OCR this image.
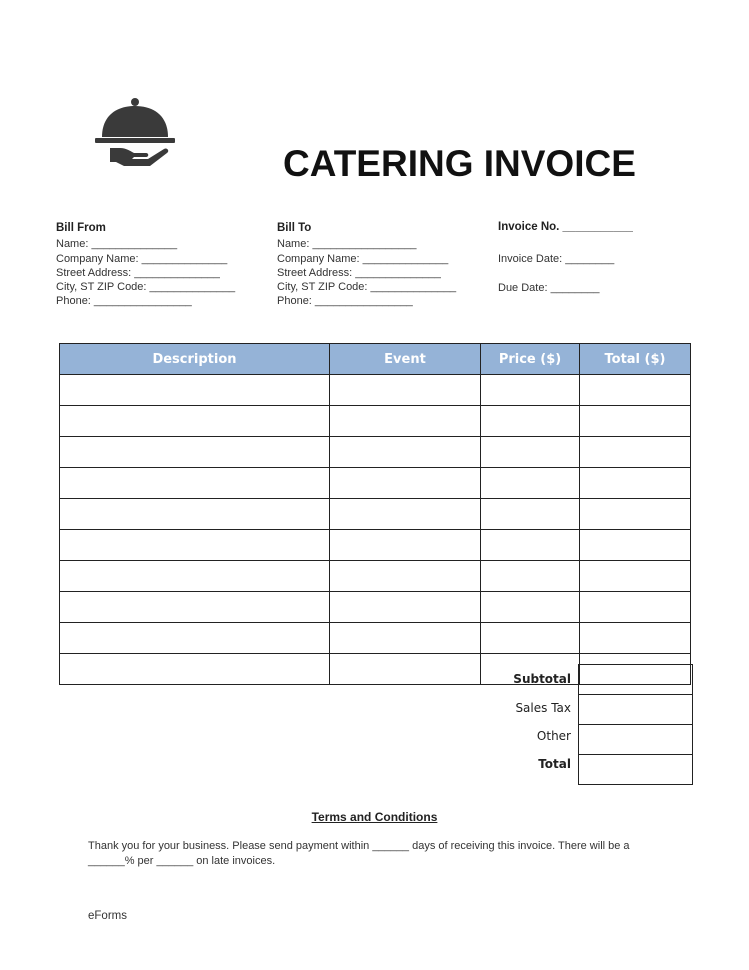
CATERING INVOICE
Bill From
Name: ______________
Company Name: ______________
Street Address: ______________
City, ST ZIP Code: ______________
Phone: ________________
Bill To
Name: _________________
Company Name: ______________
Street Address: ______________
City, ST ZIP Code: ______________
Phone: ________________
Invoice No. ___________
Invoice Date: ________
Due Date: ________
Description	Event	Price ($)	Total ($)

Subtotal
Sales Tax
Other
Total

Terms and Conditions
Thank you for your business. Please send payment within ______ days of receiving this invoice. There will be a ______% per ______ on late invoices.
eForms
